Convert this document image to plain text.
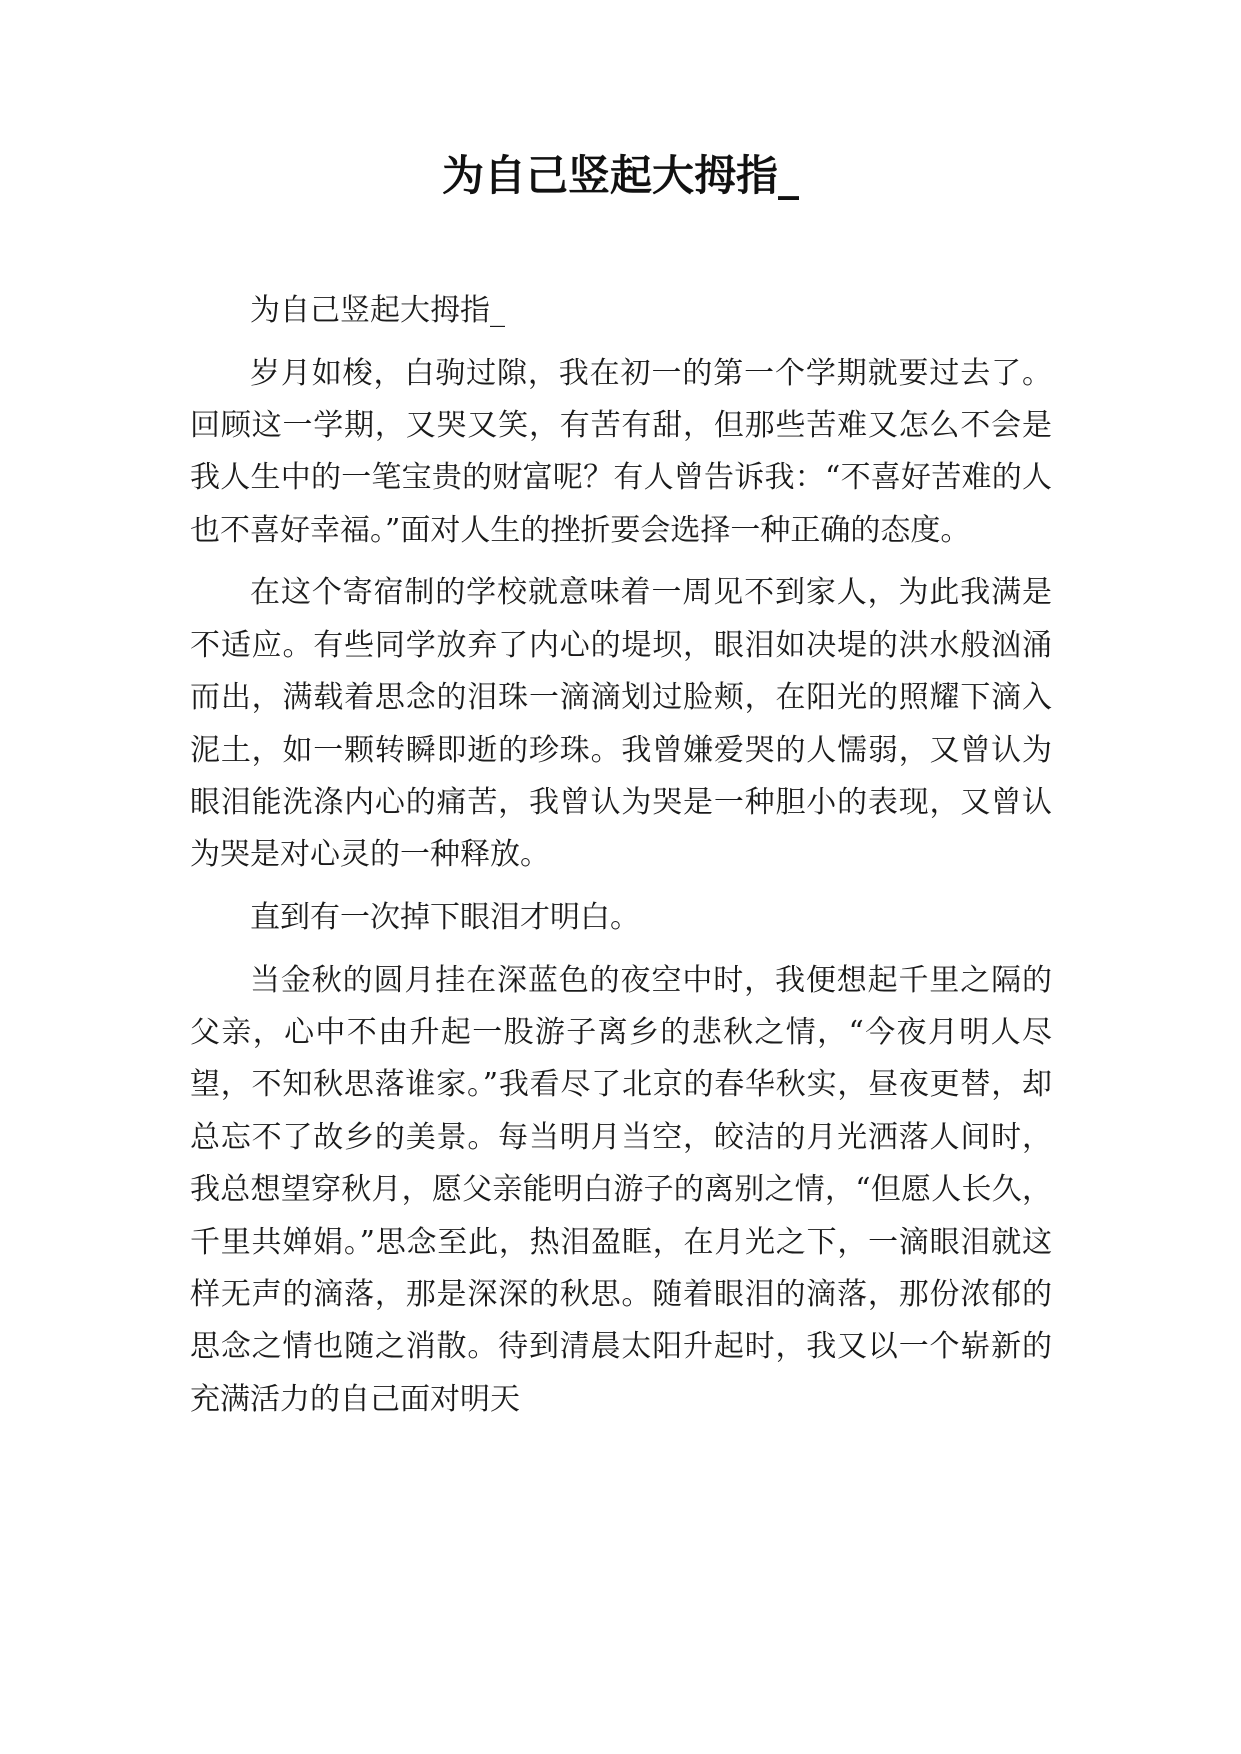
为自己竖起大拇指_

为自己竖起大拇指_

岁月如梭，白驹过隙，我在初一的第一个学期就要过去了。回顾这一学期，又哭又笑，有苦有甜，但那些苦难又怎么不会是我人生中的一笔宝贵的财富呢？有人曾告诉我：“不喜好苦难的人也不喜好幸福。”面对人生的挫折要会选择一种正确的态度。

在这个寄宿制的学校就意味着一周见不到家人，为此我满是不适应。有些同学放弃了内心的堤坝，眼泪如决堤的洪水般汹涌而出，满载着思念的泪珠一滴滴划过脸颊，在阳光的照耀下滴入泥土，如一颗转瞬即逝的珍珠。我曾嫌爱哭的人懦弱，又曾认为眼泪能洗涤内心的痛苦，我曾认为哭是一种胆小的表现，又曾认为哭是对心灵的一种释放。

直到有一次掉下眼泪才明白。

当金秋的圆月挂在深蓝色的夜空中时，我便想起千里之隔的父亲，心中不由升起一股游子离乡的悲秋之情，“今夜月明人尽望，不知秋思落谁家。”我看尽了北京的春华秋实，昼夜更替，却总忘不了故乡的美景。每当明月当空，皎洁的月光洒落人间时，我总想望穿秋月，愿父亲能明白游子的离别之情，“但愿人长久，千里共婵娟。”思念至此，热泪盈眶，在月光之下，一滴眼泪就这样无声的滴落，那是深深的秋思。随着眼泪的滴落，那份浓郁的思念之情也随之消散。待到清晨太阳升起时，我又以一个崭新的充满活力的自己面对明天
